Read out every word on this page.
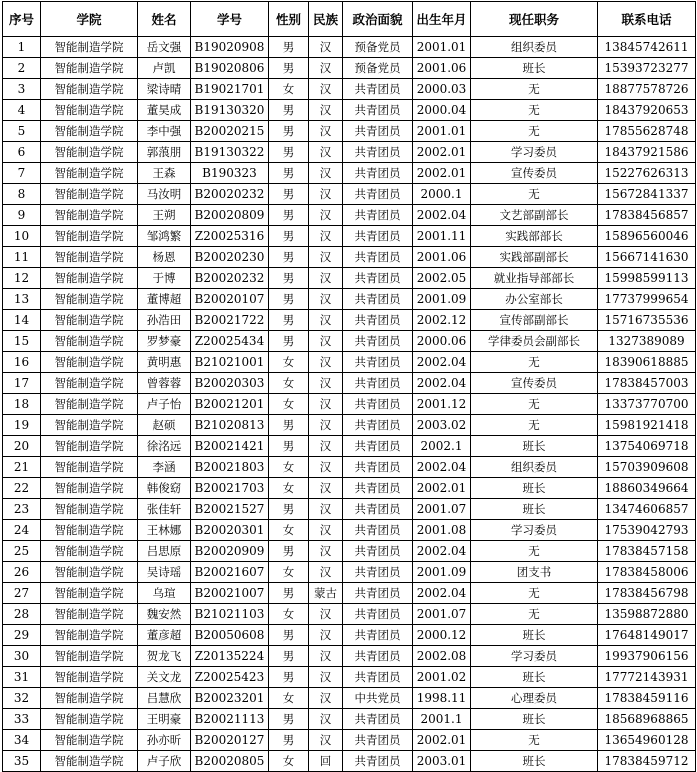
序号	学院	姓名	学号	性别	民族	政治面貌	出生年月	现任职务	联系电话
1	智能制造学院	岳文强	B19020908	男	汉	预备党员	2001.01	组织委员	13845742611
2	智能制造学院	卢凯	B19020806	男	汉	预备党员	2001.06	班长	15393723277
3	智能制造学院	梁诗晴	B19021701	女	汉	共青团员	2000.03	无	18877578726
4	智能制造学院	董昊成	B19130320	男	汉	共青团员	2000.04	无	18437920653
5	智能制造学院	李中强	B20020215	男	汉	共青团员	2001.01	无	17855628748
6	智能制造学院	郭蒗朋	B19130322	男	汉	共青团员	2002.01	学习委员	18437921586
7	智能制造学院	王森	B190323	男	汉	共青团员	2002.01	宣传委员	15227626313
8	智能制造学院	马汝明	B20020232	男	汉	共青团员	2000.1	无	15672841337
9	智能制造学院	王朔	B20020809	男	汉	共青团员	2002.04	文艺部副部长	17838456857
10	智能制造学院	邹鸿繁	Z20025316	男	汉	共青团员	2001.11	实践部部长	15896560046
11	智能制造学院	杨恩	B20020230	男	汉	共青团员	2001.06	实践部副部长	15667141630
12	智能制造学院	于博	B20020232	男	汉	共青团员	2002.05	就业指导部部长	15998599113
13	智能制造学院	董博超	B20020107	男	汉	共青团员	2001.09	办公室部长	17737999654
14	智能制造学院	孙浩田	B20021722	男	汉	共青团员	2002.12	宣传部副部长	15716735536
15	智能制造学院	罗梦豪	Z20025434	男	汉	共青团员	2000.06	学律委员会副部长	1327389089
16	智能制造学院	黄明惠	B21021001	女	汉	共青团员	2002.04	无	18390618885
17	智能制造学院	曾蓉蓉	B20020303	女	汉	共青团员	2002.04	宣传委员	17838457003
18	智能制造学院	卢子怡	B20021201	女	汉	共青团员	2001.12	无	13373770700
19	智能制造学院	赵硕	B21020813	男	汉	共青团员	2003.02	无	15981921418
20	智能制造学院	徐洺远	B20021421	男	汉	共青团员	2002.1	班长	13754069718
21	智能制造学院	李涵	B20021803	女	汉	共青团员	2002.04	组织委员	15703909608
22	智能制造学院	韩俊窈	B20021703	女	汉	共青团员	2002.01	班长	18860349664
23	智能制造学院	张佳轩	B20021527	男	汉	共青团员	2001.07	班长	13474606857
24	智能制造学院	王林娜	B20020301	女	汉	共青团员	2001.08	学习委员	17539042793
25	智能制造学院	吕思原	B20020909	男	汉	共青团员	2002.04	无	17838457158
26	智能制造学院	吴诗瑶	B20021607	女	汉	共青团员	2001.09	团支书	17838458006
27	智能制造学院	乌瑄	B20021007	男	蒙古	共青团员	2002.04	无	17838456798
28	智能制造学院	魏安然	B21021103	女	汉	共青团员	2001.07	无	13598872880
29	智能制造学院	董彦超	B20050608	男	汉	共青团员	2000.12	班长	17648149017
30	智能制造学院	贺龙飞	Z20135224	男	汉	共青团员	2002.08	学习委员	19937906156
31	智能制造学院	关文龙	Z20025423	男	汉	共青团员	2001.02	班长	17772143931
32	智能制造学院	吕慧欣	B20023201	女	汉	中共党员	1998.11	心理委员	17838459116
33	智能制造学院	王明豪	B20021113	男	汉	共青团员	2001.1	班长	18568968865
34	智能制造学院	孙亦昕	B20020127	男	汉	共青团员	2002.01	无	13654960128
35	智能制造学院	卢子欣	B20020805	女	回	共青团员	2003.01	班长	17838459712
